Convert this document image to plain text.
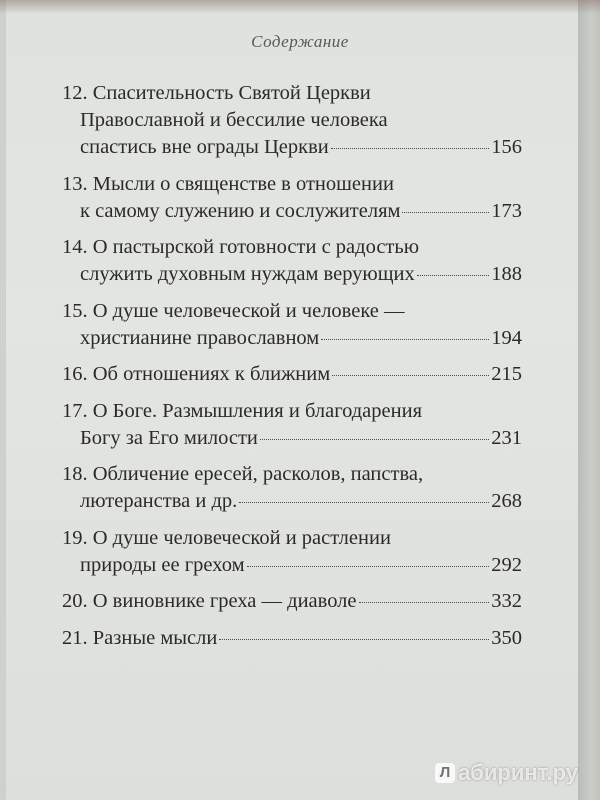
Содержание
12. Спасительность Святой Церкви
Православной и бессилие человека
спастись вне ограды Церкви	156
13. Мысли о священстве в отношении
к самому служению и сослужителям	173
14. О пастырской готовности с радостью
служить духовным нуждам верующих	188
15. О душе человеческой и человеке —
христианине православном	194
16. Об отношениях к ближним	215
17. О Боге. Размышления и благодарения
Богу за Его милости	231
18. Обличение ересей, расколов, папства,
лютеранства и др.	268
19. О душе человеческой и растлении
природы ее грехом	292
20. О виновнике греха — диаволе	332
21. Разные мысли	350
Л абиринт.ру
